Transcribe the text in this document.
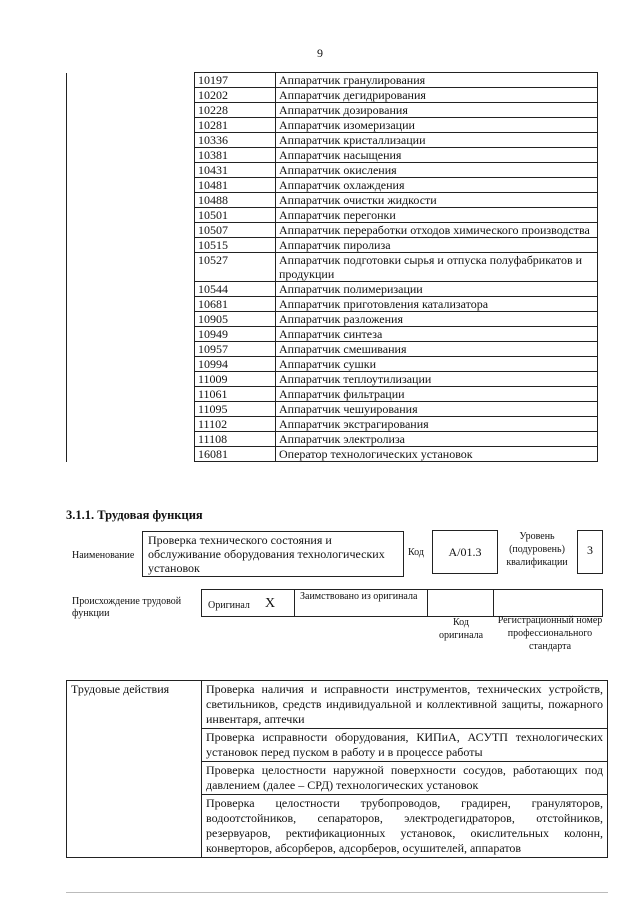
9
	10197	Аппаратчик гранулирования
	10202	Аппаратчик дегидрирования
	10228	Аппаратчик дозирования
	10281	Аппаратчик изомеризации
	10336	Аппаратчик кристаллизации
	10381	Аппаратчик насыщения
	10431	Аппаратчик окисления
	10481	Аппаратчик охлаждения
	10488	Аппаратчик очистки жидкости
	10501	Аппаратчик перегонки
	10507	Аппаратчик переработки отходов химического производства
	10515	Аппаратчик пиролиза
	10527	Аппаратчик подготовки сырья и отпуска полуфабрикатов и продукции
	10544	Аппаратчик полимеризации
	10681	Аппаратчик приготовления катализатора
	10905	Аппаратчик разложения
	10949	Аппаратчик синтеза
	10957	Аппаратчик смешивания
	10994	Аппаратчик сушки
	11009	Аппаратчик теплоутилизации
	11061	Аппаратчик фильтрации
	11095	Аппаратчик чешуирования
	11102	Аппаратчик экстрагирования
	11108	Аппаратчик электролиза
	16081	Оператор технологических установок
3.1.1. Трудовая функция
Наименование
Проверка технического состояния и обслуживание оборудования технологических установок
Код	A/01.3
Уровень (подуровень) квалификации
3
Происхождение трудовой функции
Оригинал X Заимствовано из оригинала
Код оригинала
Регистрационный номер профессионального стандарта
Трудовые действия	Проверка наличия и исправности инструментов, технических устройств, светильников, средств индивидуальной и коллективной защиты, пожарного инвентаря, аптечки
Проверка исправности оборудования, КИПиА, АСУТП технологических установок перед пуском в работу и в процессе работы
Проверка целостности наружной поверхности сосудов, работающих под давлением (далее – СРД) технологических установок
Проверка целостности трубопроводов, градирен, грануляторов, водоотстойников, сепараторов, электродегидраторов, отстойников, резервуаров, ректификационных установок, окислительных колонн, конверторов, абсорберов, адсорберов, осушителей, аппаратов
